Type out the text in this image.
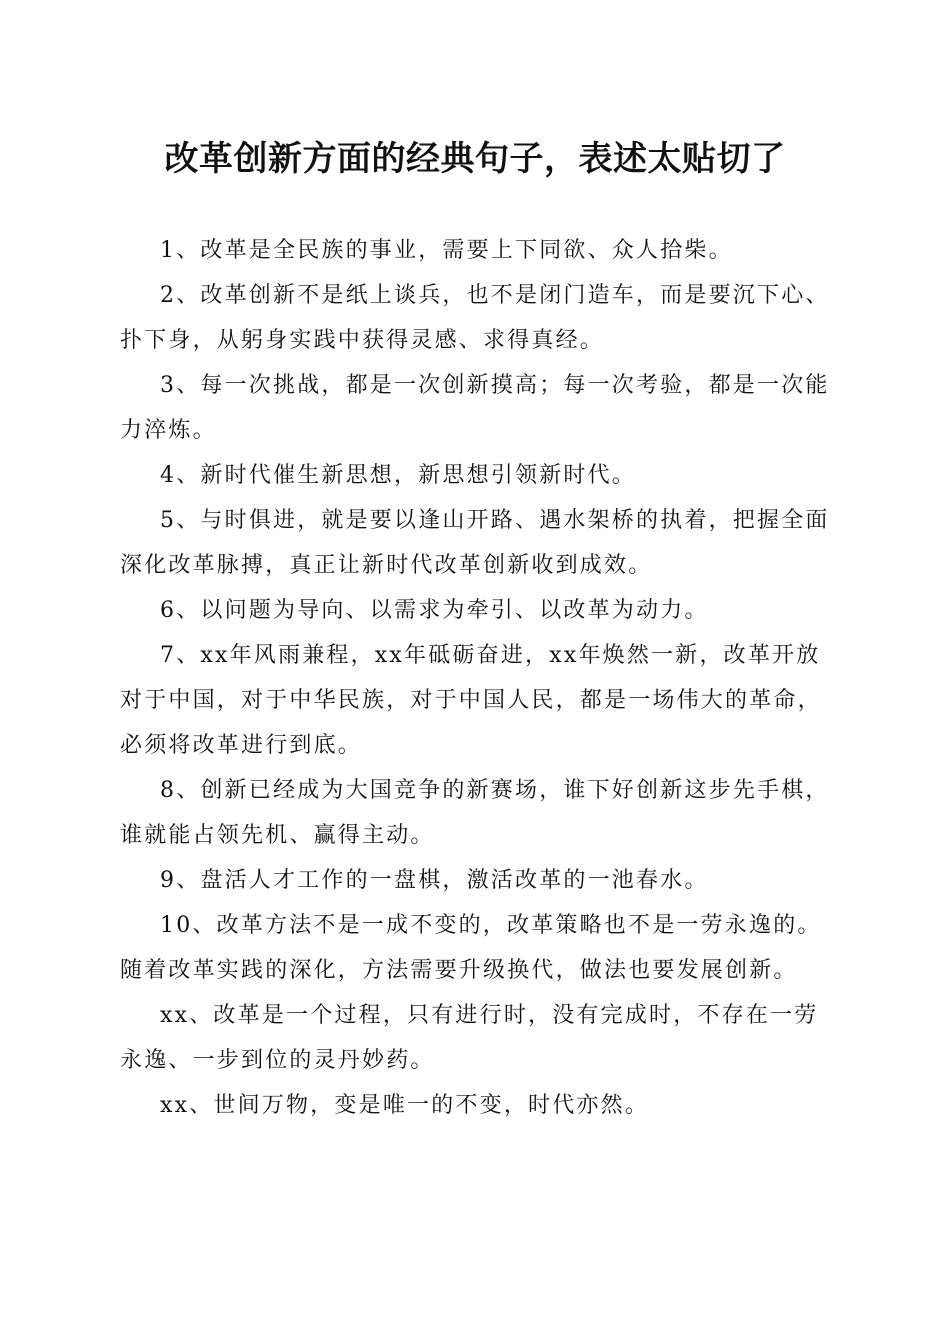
改革创新方面的经典句子，表述太贴切了

1、改革是全民族的事业，需要上下同欲、众人拾柴。

2、改革创新不是纸上谈兵，也不是闭门造车，而是要沉下心、扑下身，从躬身实践中获得灵感、求得真经。

3、每一次挑战，都是一次创新摸高；每一次考验，都是一次能力淬炼。

4、新时代催生新思想，新思想引领新时代。

5、与时俱进，就是要以逢山开路、遇水架桥的执着，把握全面深化改革脉搏，真正让新时代改革创新收到成效。

6、以问题为导向、以需求为牵引、以改革为动力。

7、xx年风雨兼程，xx年砥砺奋进，xx年焕然一新，改革开放对于中国，对于中华民族，对于中国人民，都是一场伟大的革命，必须将改革进行到底。

8、创新已经成为大国竞争的新赛场，谁下好创新这步先手棋，谁就能占领先机、赢得主动。

9、盘活人才工作的一盘棋，激活改革的一池春水。

10、改革方法不是一成不变的，改革策略也不是一劳永逸的。随着改革实践的深化，方法需要升级换代，做法也要发展创新。

xx、改革是一个过程，只有进行时，没有完成时，不存在一劳永逸、一步到位的灵丹妙药。

xx、世间万物，变是唯一的不变，时代亦然。
